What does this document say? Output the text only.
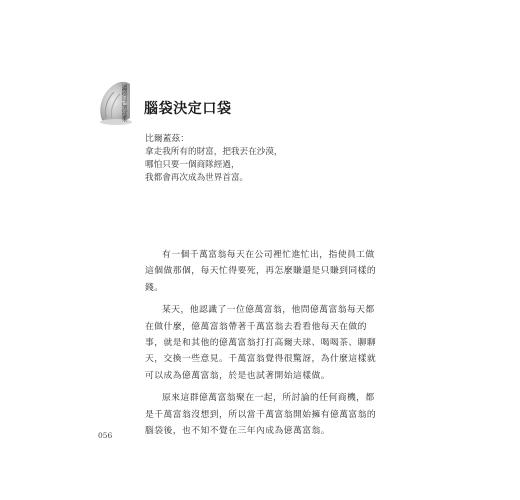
讓錢自己流進來 腦袋決定口袋
比爾蓋茲：
拿走我所有的財富，把我丟在沙漠，
哪怕只要一個商隊經過，
我都會再次成為世界首富。
有一個千萬富翁每天在公司裡忙進忙出，指使員工做
這個做那個，每天忙得要死，再怎麼賺還是只賺到同樣的
錢。
某天，他認識了一位億萬富翁，他問億萬富翁每天都
在做什麼，億萬富翁帶著千萬富翁去看看他每天在做的
事，就是和其他的億萬富翁打打高爾夫球、喝喝茶、聊聊
天，交換一些意見。千萬富翁覺得很驚訝，為什麼這樣就
可以成為億萬富翁，於是也試著開始這樣做。
原來這群億萬富翁聚在一起，所討論的任何商機，都
是千萬富翁沒想到，所以當千萬富翁開始擁有億萬富翁的
腦袋後，也不知不覺在三年內成為億萬富翁。
056
